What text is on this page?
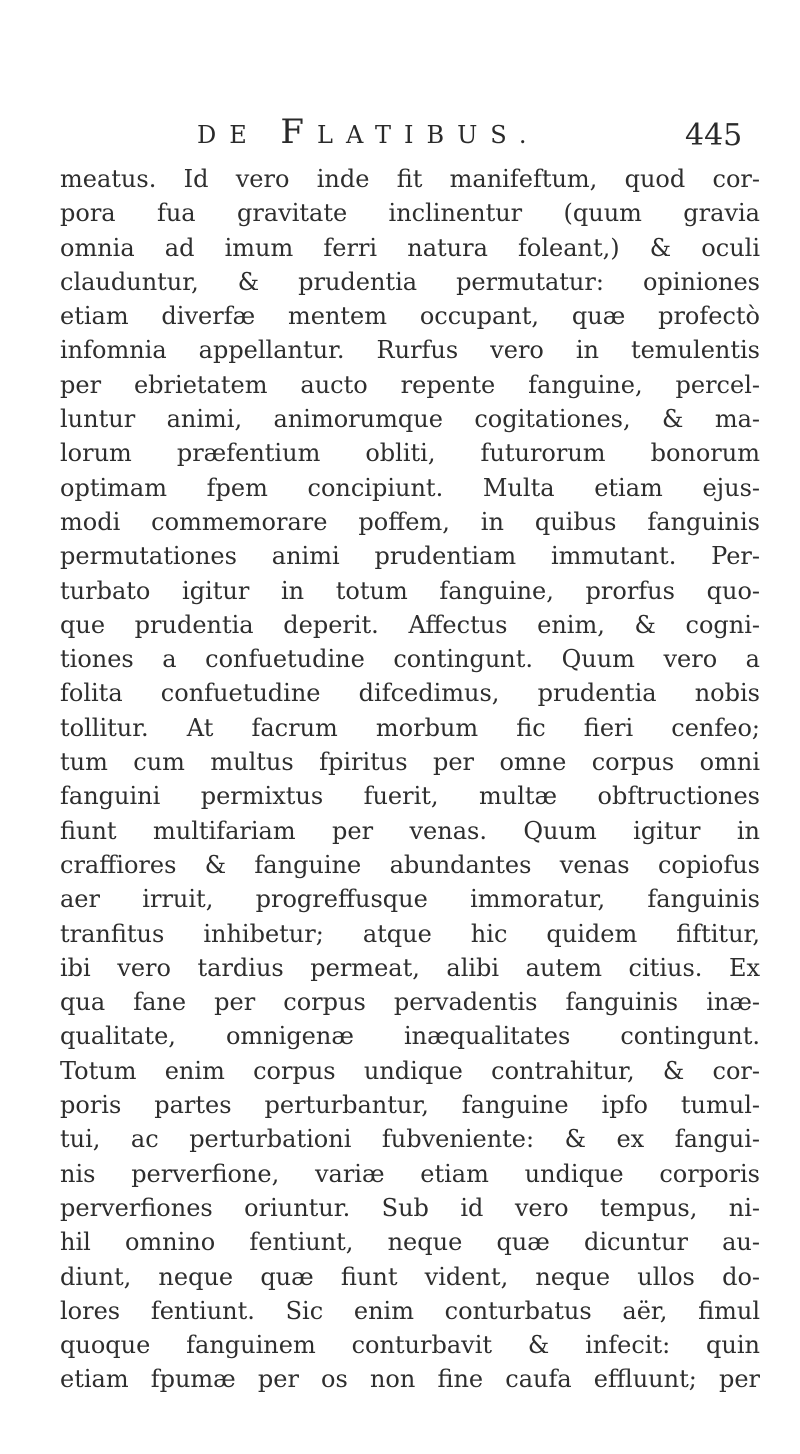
DE FLATIBUS.	445
meatus. Id vero inde fit manifeftum, quod cor-
pora fua gravitate inclinentur (quum gravia
omnia ad imum ferri natura foleant,) & oculi
clauduntur, & prudentia permutatur: opiniones
etiam diverfæ mentem occupant, quæ profectò
infomnia appellantur. Rurfus vero in temulentis
per ebrietatem aucto repente fanguine, percel-
luntur animi, animorumque cogitationes, & ma-
lorum præfentium obliti, futurorum bonorum
optimam fpem concipiunt. Multa etiam ejus-
modi commemorare poffem, in quibus fanguinis
permutationes animi prudentiam immutant. Per-
turbato igitur in totum fanguine, prorfus quo-
que prudentia deperit. Affectus enim, & cogni-
tiones a confuetudine contingunt. Quum vero a
folita confuetudine difcedimus, prudentia nobis
tollitur. At facrum morbum fic fieri cenfeo;
tum cum multus fpiritus per omne corpus omni
fanguini permixtus fuerit, multæ obftructiones
fiunt multifariam per venas. Quum igitur in
craffiores & fanguine abundantes venas copiofus
aer irruit, progreffusque immoratur, fanguinis
tranfitus inhibetur; atque hic quidem fiftitur,
ibi vero tardius permeat, alibi autem citius. Ex
qua fane per corpus pervadentis fanguinis inæ-
qualitate, omnigenæ inæqualitates contingunt.
Totum enim corpus undique contrahitur, & cor-
poris partes perturbantur, fanguine ipfo tumul-
tui, ac perturbationi fubveniente: & ex fangui-
nis perverfione, variæ etiam undique corporis
perverfiones oriuntur. Sub id vero tempus, ni-
hil omnino fentiunt, neque quæ dicuntur au-
diunt, neque quæ fiunt vident, neque ullos do-
lores fentiunt. Sic enim conturbatus aër, fimul
quoque fanguinem conturbavit & infecit: quin
etiam fpumæ per os non fine caufa effluunt; per
